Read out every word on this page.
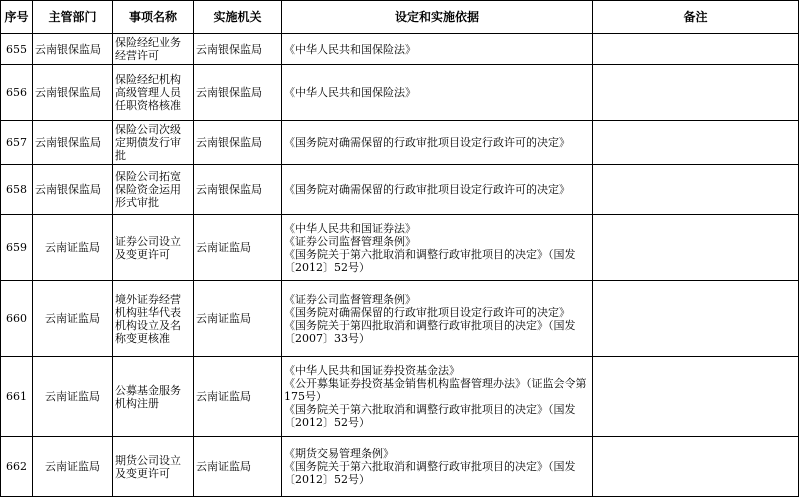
序号	主管部门	事项名称	实施机关	设定和实施依据	备注
655	云南银保监局	保险经纪业务经营许可	云南银保监局	《中华人民共和国保险法》	

656	云南银保监局	保险经纪机构高级管理人员任职资格核准	云南银保监局	《中华人民共和国保险法》	

657	云南银保监局	保险公司次级定期债发行审批	云南银保监局	《国务院对确需保留的行政审批项目设定行政许可的决定》	

658	云南银保监局	保险公司拓宽保险资金运用形式审批	云南银保监局	《国务院对确需保留的行政审批项目设定行政许可的决定》	

659	云南证监局	证券公司设立及变更许可	云南证监局	《中华人民共和国证券法》
《证券公司监督管理条例》
《国务院关于第六批取消和调整行政审批项目的决定》（国发〔2012〕52号）	

660	云南证监局	境外证券经营机构驻华代表机构设立及名称变更核准	云南证监局	《证券公司监督管理条例》
《国务院对确需保留的行政审批项目设定行政许可的决定》
《国务院关于第四批取消和调整行政审批项目的决定》（国发〔2007〕33号）	

661	云南证监局	公募基金服务机构注册	云南证监局	《中华人民共和国证券投资基金法》
《公开募集证券投资基金销售机构监督管理办法》（证监会令第175号）
《国务院关于第六批取消和调整行政审批项目的决定》（国发〔2012〕52号）	

662	云南证监局	期货公司设立及变更许可	云南证监局	《期货交易管理条例》
《国务院关于第六批取消和调整行政审批项目的决定》（国发〔2012〕52号）	
